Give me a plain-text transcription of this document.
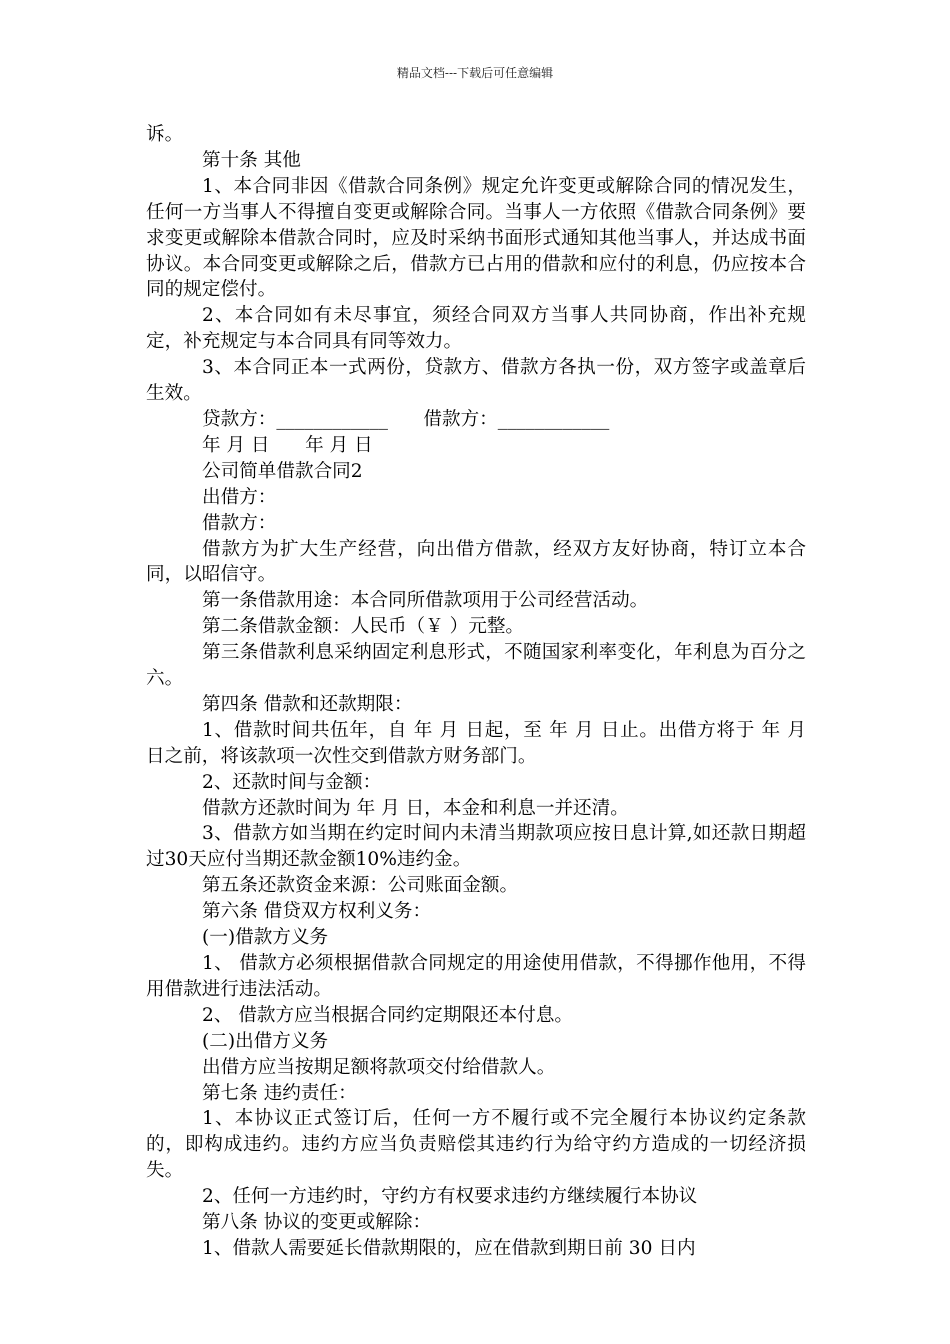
精品文档---下载后可任意编辑

诉。

第十条 其他

1、本合同非因《借款合同条例》规定允许变更或解除合同的情况发生，任何一方当事人不得擅自变更或解除合同。当事人一方依照《借款合同条例》要求变更或解除本借款合同时，应及时采纳书面形式通知其他当事人，并达成书面协议。本合同变更或解除之后，借款方已占用的借款和应付的利息，仍应按本合同的规定偿付。

2、本合同如有未尽事宜，须经合同双方当事人共同协商，作出补充规定，补充规定与本合同具有同等效力。

3、本合同正本一式两份，贷款方、借款方各执一份，双方签字或盖章后生效。

贷款方：____________      借款方：____________

年 月 日      年 月 日

公司简单借款合同2

出借方：

借款方：

借款方为扩大生产经营，向出借方借款，经双方友好协商，特订立本合同，以昭信守。

第一条借款用途：本合同所借款项用于公司经营活动。

第二条借款金额：人民币（￥ ）元整。

第三条借款利息采纳固定利息形式，不随国家利率变化，年利息为百分之六。

第四条 借款和还款期限：

1、借款时间共伍年，自 年 月 日起，至 年 月 日止。出借方将于 年 月 日之前，将该款项一次性交到借款方财务部门。

2、还款时间与金额：

借款方还款时间为 年 月 日，本金和利息一并还清。

3、借款方如当期在约定时间内未清当期款项应按日息计算,如还款日期超过30天应付当期还款金额10%违约金。

第五条还款资金来源：公司账面金额。

第六条 借贷双方权利义务：

(一)借款方义务

1、 借款方必须根据借款合同规定的用途使用借款，不得挪作他用，不得用借款进行违法活动。

2、 借款方应当根据合同约定期限还本付息。

(二)出借方义务

出借方应当按期足额将款项交付给借款人。

第七条 违约责任：

1、本协议正式签订后，任何一方不履行或不完全履行本协议约定条款的，即构成违约。违约方应当负责赔偿其违约行为给守约方造成的一切经济损失。

2、任何一方违约时，守约方有权要求违约方继续履行本协议

第八条 协议的变更或解除：

1、借款人需要延长借款期限的，应在借款到期日前 30 日内
